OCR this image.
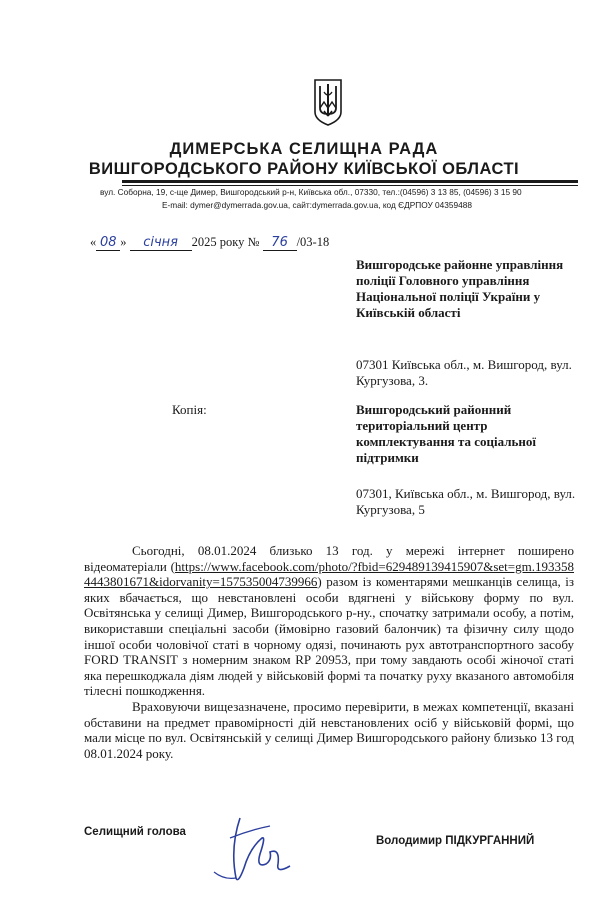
ДИМЕРСЬКА СЕЛИЩНА РАДА
ВИШГОРОДСЬКОГО РАЙОНУ КИЇВСЬКОЇ ОБЛАСТІ
вул. Соборна, 19, с-ще Димер, Вишгородський р-н, Київська обл., 07330, тел.:(04596) 3 13 85, (04596) 3 15 90
E-mail: dymer@dymerrada.gov.ua, сайт:dymerrada.gov.ua, код ЄДРПОУ 04359488
« 08 » січня 2025 року № 76 /03-18
Вишгородське районне управління поліції Головного управління Національної поліції України у Київській області
07301 Київська обл., м. Вишгород, вул. Кургузова, 3.
Копія:	Вишгородський районний територіальний центр комплектування та соціальної підтримки
07301, Київська обл., м. Вишгород, вул. Кургузова, 5

Сьогодні, 08.01.2024 близько 13 год. у мережі інтернет поширено відеоматеріали (https://www.facebook.com/photo/?fbid=629489139415907&set=gm.1933584443801671&idorvanity=157535004739966) разом із коментарями мешканців селища, із яких вбачається, що невстановлені особи вдягнені у військову форму по вул. Освітянська у селищі Димер, Вишгородського р-ну., спочатку затримали особу, а потім, використавши спеціальні засоби (ймовірно газовий балончик) та фізичну силу щодо іншої особи чоловічої статі в чорному одязі, починають рух автотранспортного засобу FORD TRANSIT з номерним знаком RP 20953, при тому завдають особі жіночої статі яка перешкоджала діям людей у військовій формі та початку руху вказаного автомобіля тілесні пошкодження.

Враховуючи вищезазначене, просимо перевірити, в межах компетенції, вказані обставини на предмет правомірності дій невстановлених осіб у військовій формі, що мали місце по вул. Освітянській у селищі Димер Вишгородського району близько 13 год 08.01.2024 року.

Селищний голова
Володимир ПІДКУРГАННИЙ
